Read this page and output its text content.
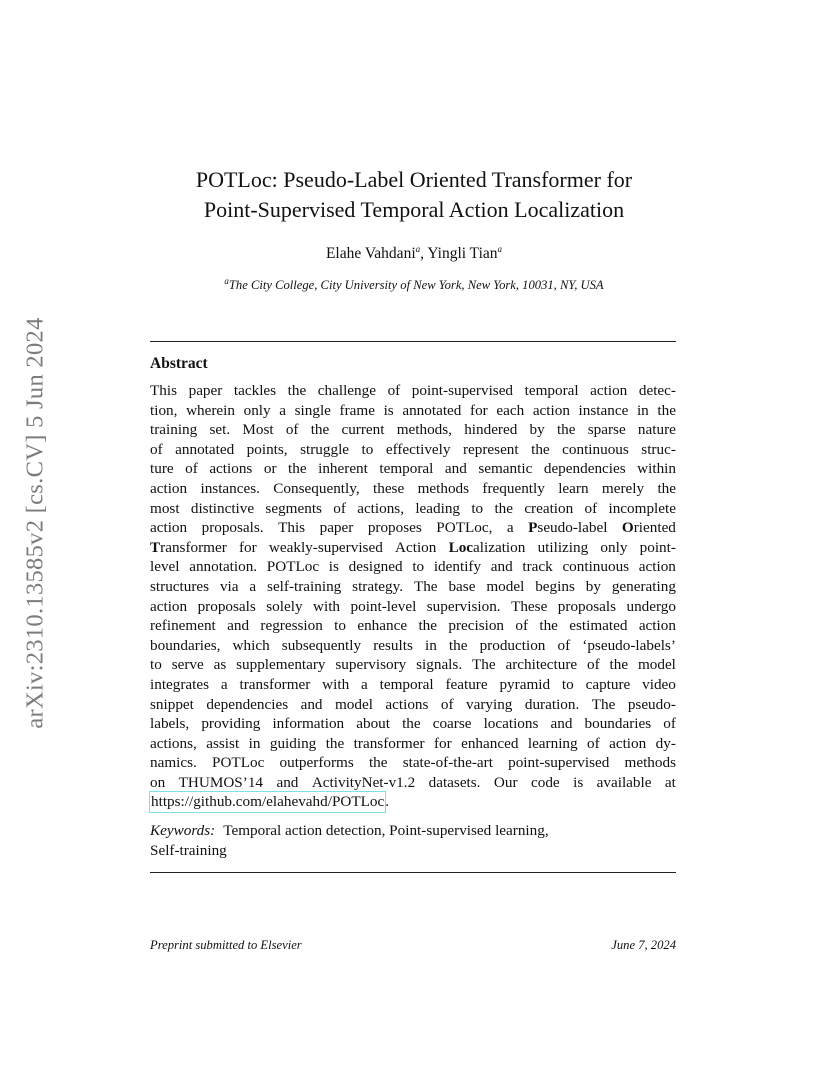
arXiv:2310.13585v2 [cs.CV] 5 Jun 2024
POTLoc: Pseudo-Label Oriented Transformer for
Point-Supervised Temporal Action Localization
Elahe Vahdani$^a$, Yingli Tian$^a$
$^a$The City College, City University of New York, New York, 10031, NY, USA
Abstract
This paper tackles the challenge of point-supervised temporal action detec-
tion, wherein only a single frame is annotated for each action instance in the
training set. Most of the current methods, hindered by the sparse nature
of annotated points, struggle to effectively represent the continuous struc-
ture of actions or the inherent temporal and semantic dependencies within
action instances. Consequently, these methods frequently learn merely the
most distinctive segments of actions, leading to the creation of incomplete
action proposals. This paper proposes POTLoc, a Pseudo-label Oriented
Transformer for weakly-supervised Action Localization utilizing only point-
level annotation. POTLoc is designed to identify and track continuous action
structures via a self-training strategy. The base model begins by generating
action proposals solely with point-level supervision. These proposals undergo
refinement and regression to enhance the precision of the estimated action
boundaries, which subsequently results in the production of ‘pseudo-labels’
to serve as supplementary supervisory signals. The architecture of the model
integrates a transformer with a temporal feature pyramid to capture video
snippet dependencies and model actions of varying duration. The pseudo-
labels, providing information about the coarse locations and boundaries of
actions, assist in guiding the transformer for enhanced learning of action dy-
namics. POTLoc outperforms the state-of-the-art point-supervised methods
on THUMOS’14 and ActivityNet-v1.2 datasets. Our code is available at
https://github.com/elahevahd/POTLoc .
Keywords: Temporal action detection, Point-supervised learning,
Self-training
Preprint submitted to Elsevier	June 7, 2024
